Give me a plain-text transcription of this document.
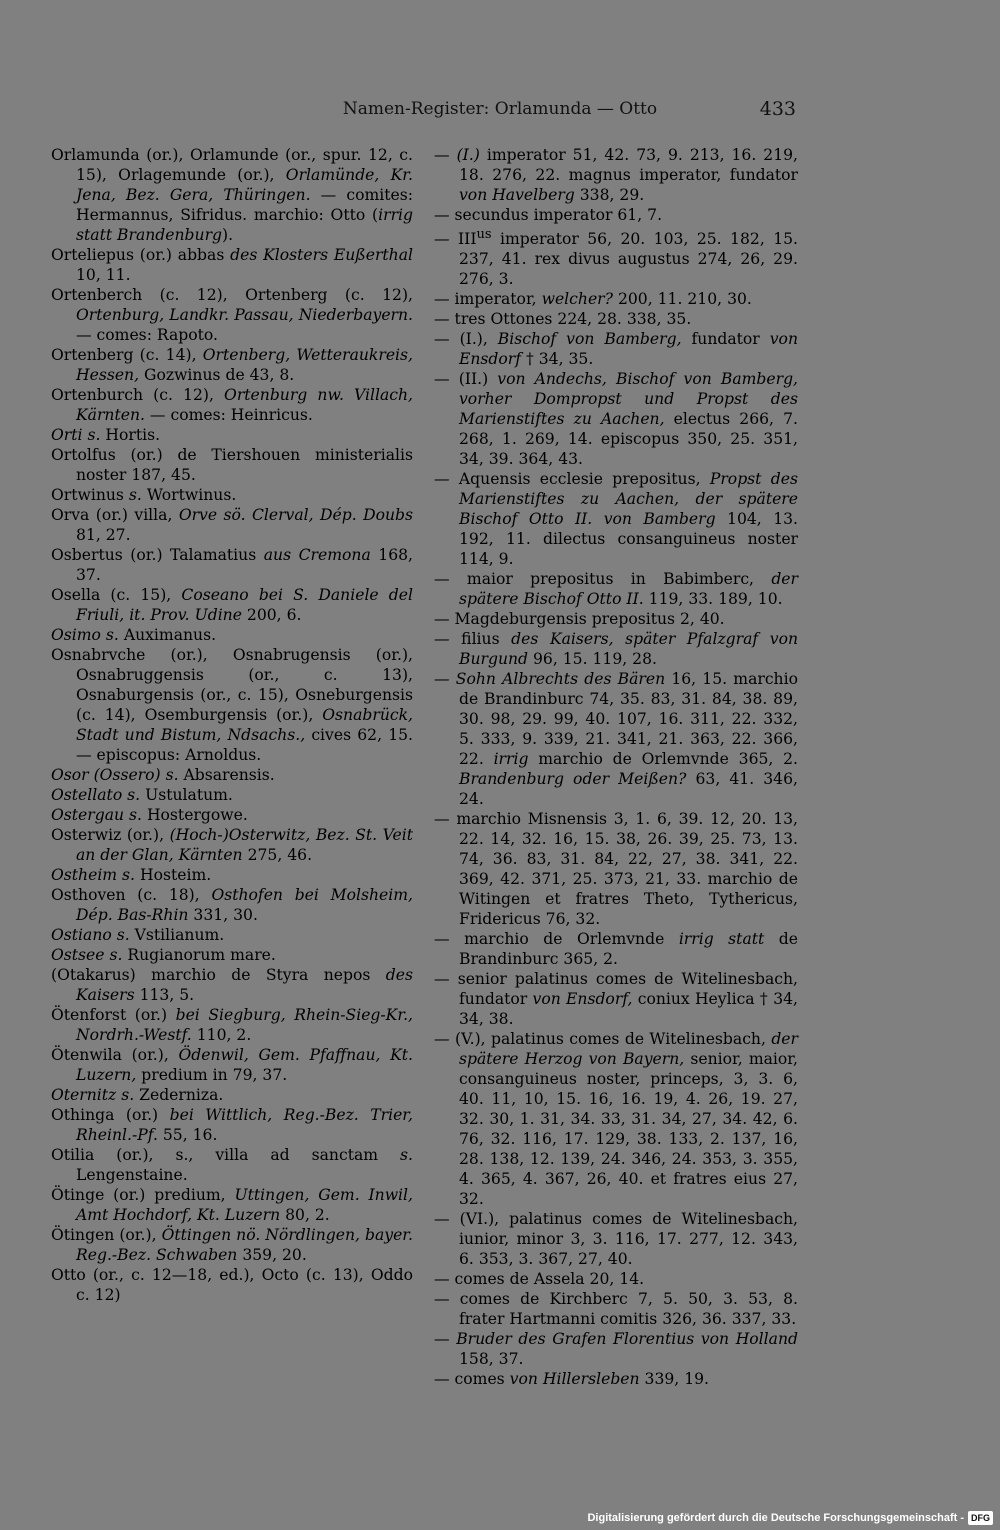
Namen-Register: Orlamunda — Otto	433

Orlamunda (or.), Orlamunde (or., spur. 12, c. 15), Orlagemunde (or.), Orlamünde, Kr. Jena, Bez. Gera, Thüringen. — comites: Hermannus, Sifridus. marchio: Otto (irrig statt Brandenburg).

Orteliepus (or.) abbas des Klosters Eußerthal 10, 11.

Ortenberch (c. 12), Ortenberg (c. 12), Ortenburg, Landkr. Passau, Niederbayern. — comes: Rapoto.

Ortenberg (c. 14), Ortenberg, Wetteraukreis, Hessen, Gozwinus de 43, 8.

Ortenburch (c. 12), Ortenburg nw. Villach, Kärnten. — comes: Heinricus.

Orti s. Hortis.

Ortolfus (or.) de Tiershouen ministerialis noster 187, 45.

Ortwinus s. Wortwinus.

Orva (or.) villa, Orve sö. Clerval, Dép. Doubs 81, 27.

Osbertus (or.) Talamatius aus Cremona 168, 37.

Osella (c. 15), Coseano bei S. Daniele del Friuli, it. Prov. Udine 200, 6.

Osimo s. Auximanus.

Osnabrvche (or.), Osnabrugensis (or.), Osnabruggensis (or., c. 13), Osnaburgensis (or., c. 15), Osneburgensis (c. 14), Osemburgensis (or.), Osnabrück, Stadt und Bistum, Ndsachs., cives 62, 15. — episcopus: Arnoldus.

Osor (Ossero) s. Absarensis.

Ostellato s. Ustulatum.

Ostergau s. Hostergowe.

Osterwiz (or.), (Hoch-)Osterwitz, Bez. St. Veit an der Glan, Kärnten 275, 46.

Ostheim s. Hosteim.

Osthoven (c. 18), Osthofen bei Molsheim, Dép. Bas-Rhin 331, 30.

Ostiano s. Vstilianum.

Ostsee s. Rugianorum mare.

(Otakarus) marchio de Styra nepos des Kaisers 113, 5.

Ötenforst (or.) bei Siegburg, Rhein-Sieg-Kr., Nordrh.-Westf. 110, 2.

Ötenwila (or.), Ödenwil, Gem. Pfaffnau, Kt. Luzern, predium in 79, 37.

Oternitz s. Zederniza.

Othinga (or.) bei Wittlich, Reg.-Bez. Trier, Rheinl.-Pf. 55, 16.

Otilia (or.), s., villa ad sanctam s. Lengenstaine.

Ötinge (or.) predium, Uttingen, Gem. Inwil, Amt Hochdorf, Kt. Luzern 80, 2.

Ötingen (or.), Öttingen nö. Nördlingen, bayer. Reg.-Bez. Schwaben 359, 20.

Otto (or., c. 12—18, ed.), Octo (c. 13), Oddo c. 12)

— (I.) imperator 51, 42. 73, 9. 213, 16. 219, 18. 276, 22. magnus imperator, fundator von Havelberg 338, 29.

— secundus imperator 61, 7.

— $III^{us}$ imperator 56, 20. 103, 25. 182, 15. 237, 41. rex divus augustus 274, 26, 29. 276, 3.

— imperator, welcher? 200, 11. 210, 30.

— tres Ottones 224, 28. 338, 35.

— (I.), Bischof von Bamberg, fundator von Ensdorf † 34, 35.

— (II.) von Andechs, Bischof von Bamberg, vorher Dompropst und Propst des Marienstiftes zu Aachen, electus 266, 7. 268, 1. 269, 14. episcopus 350, 25. 351, 34, 39. 364, 43.

— Aquensis ecclesie prepositus, Propst des Marienstiftes zu Aachen, der spätere Bischof Otto II. von Bamberg 104, 13. 192, 11. dilectus consanguineus noster 114, 9.

— maior prepositus in Babimberc, der spätere Bischof Otto II. 119, 33. 189, 10.

— Magdeburgensis prepositus 2, 40.

— filius des Kaisers, später Pfalzgraf von Burgund 96, 15. 119, 28.

— Sohn Albrechts des Bären 16, 15. marchio de Brandinburc 74, 35. 83, 31. 84, 38. 89, 30. 98, 29. 99, 40. 107, 16. 311, 22. 332, 5. 333, 9. 339, 21. 341, 21. 363, 22. 366, 22. irrig marchio de Orlemvnde 365, 2. Brandenburg oder Meißen? 63, 41. 346, 24.

— marchio Misnensis 3, 1. 6, 39. 12, 20. 13, 22. 14, 32. 16, 15. 38, 26. 39, 25. 73, 13. 74, 36. 83, 31. 84, 22, 27, 38. 341, 22. 369, 42. 371, 25. 373, 21, 33. marchio de Witingen et fratres Theto, Tythericus, Fridericus 76, 32.

— marchio de Orlemvnde irrig statt de Brandinburc 365, 2.

— senior palatinus comes de Witelinesbach, fundator von Ensdorf, coniux Heylica † 34, 34, 38.

— (V.), palatinus comes de Witelinesbach, der spätere Herzog von Bayern, senior, maior, consanguineus noster, princeps, 3, 3. 6, 40. 11, 10, 15. 16, 16. 19, 4. 26, 19. 27, 32. 30, 1. 31, 34. 33, 31. 34, 27, 34. 42, 6. 76, 32. 116, 17. 129, 38. 133, 2. 137, 16, 28. 138, 12. 139, 24. 346, 24. 353, 3. 355, 4. 365, 4. 367, 26, 40. et fratres eius 27, 32.

— (VI.), palatinus comes de Witelinesbach, iunior, minor 3, 3. 116, 17. 277, 12. 343, 6. 353, 3. 367, 27, 40.

— comes de Assela 20, 14.

— comes de Kirchberc 7, 5. 50, 3. 53, 8. frater Hartmanni comitis 326, 36. 337, 33.

— Bruder des Grafen Florentius von Holland 158, 37.

— comes von Hillersleben 339, 19.

Digitalisierung gefördert durch die Deutsche Forschungsgemeinschaft - DFG
